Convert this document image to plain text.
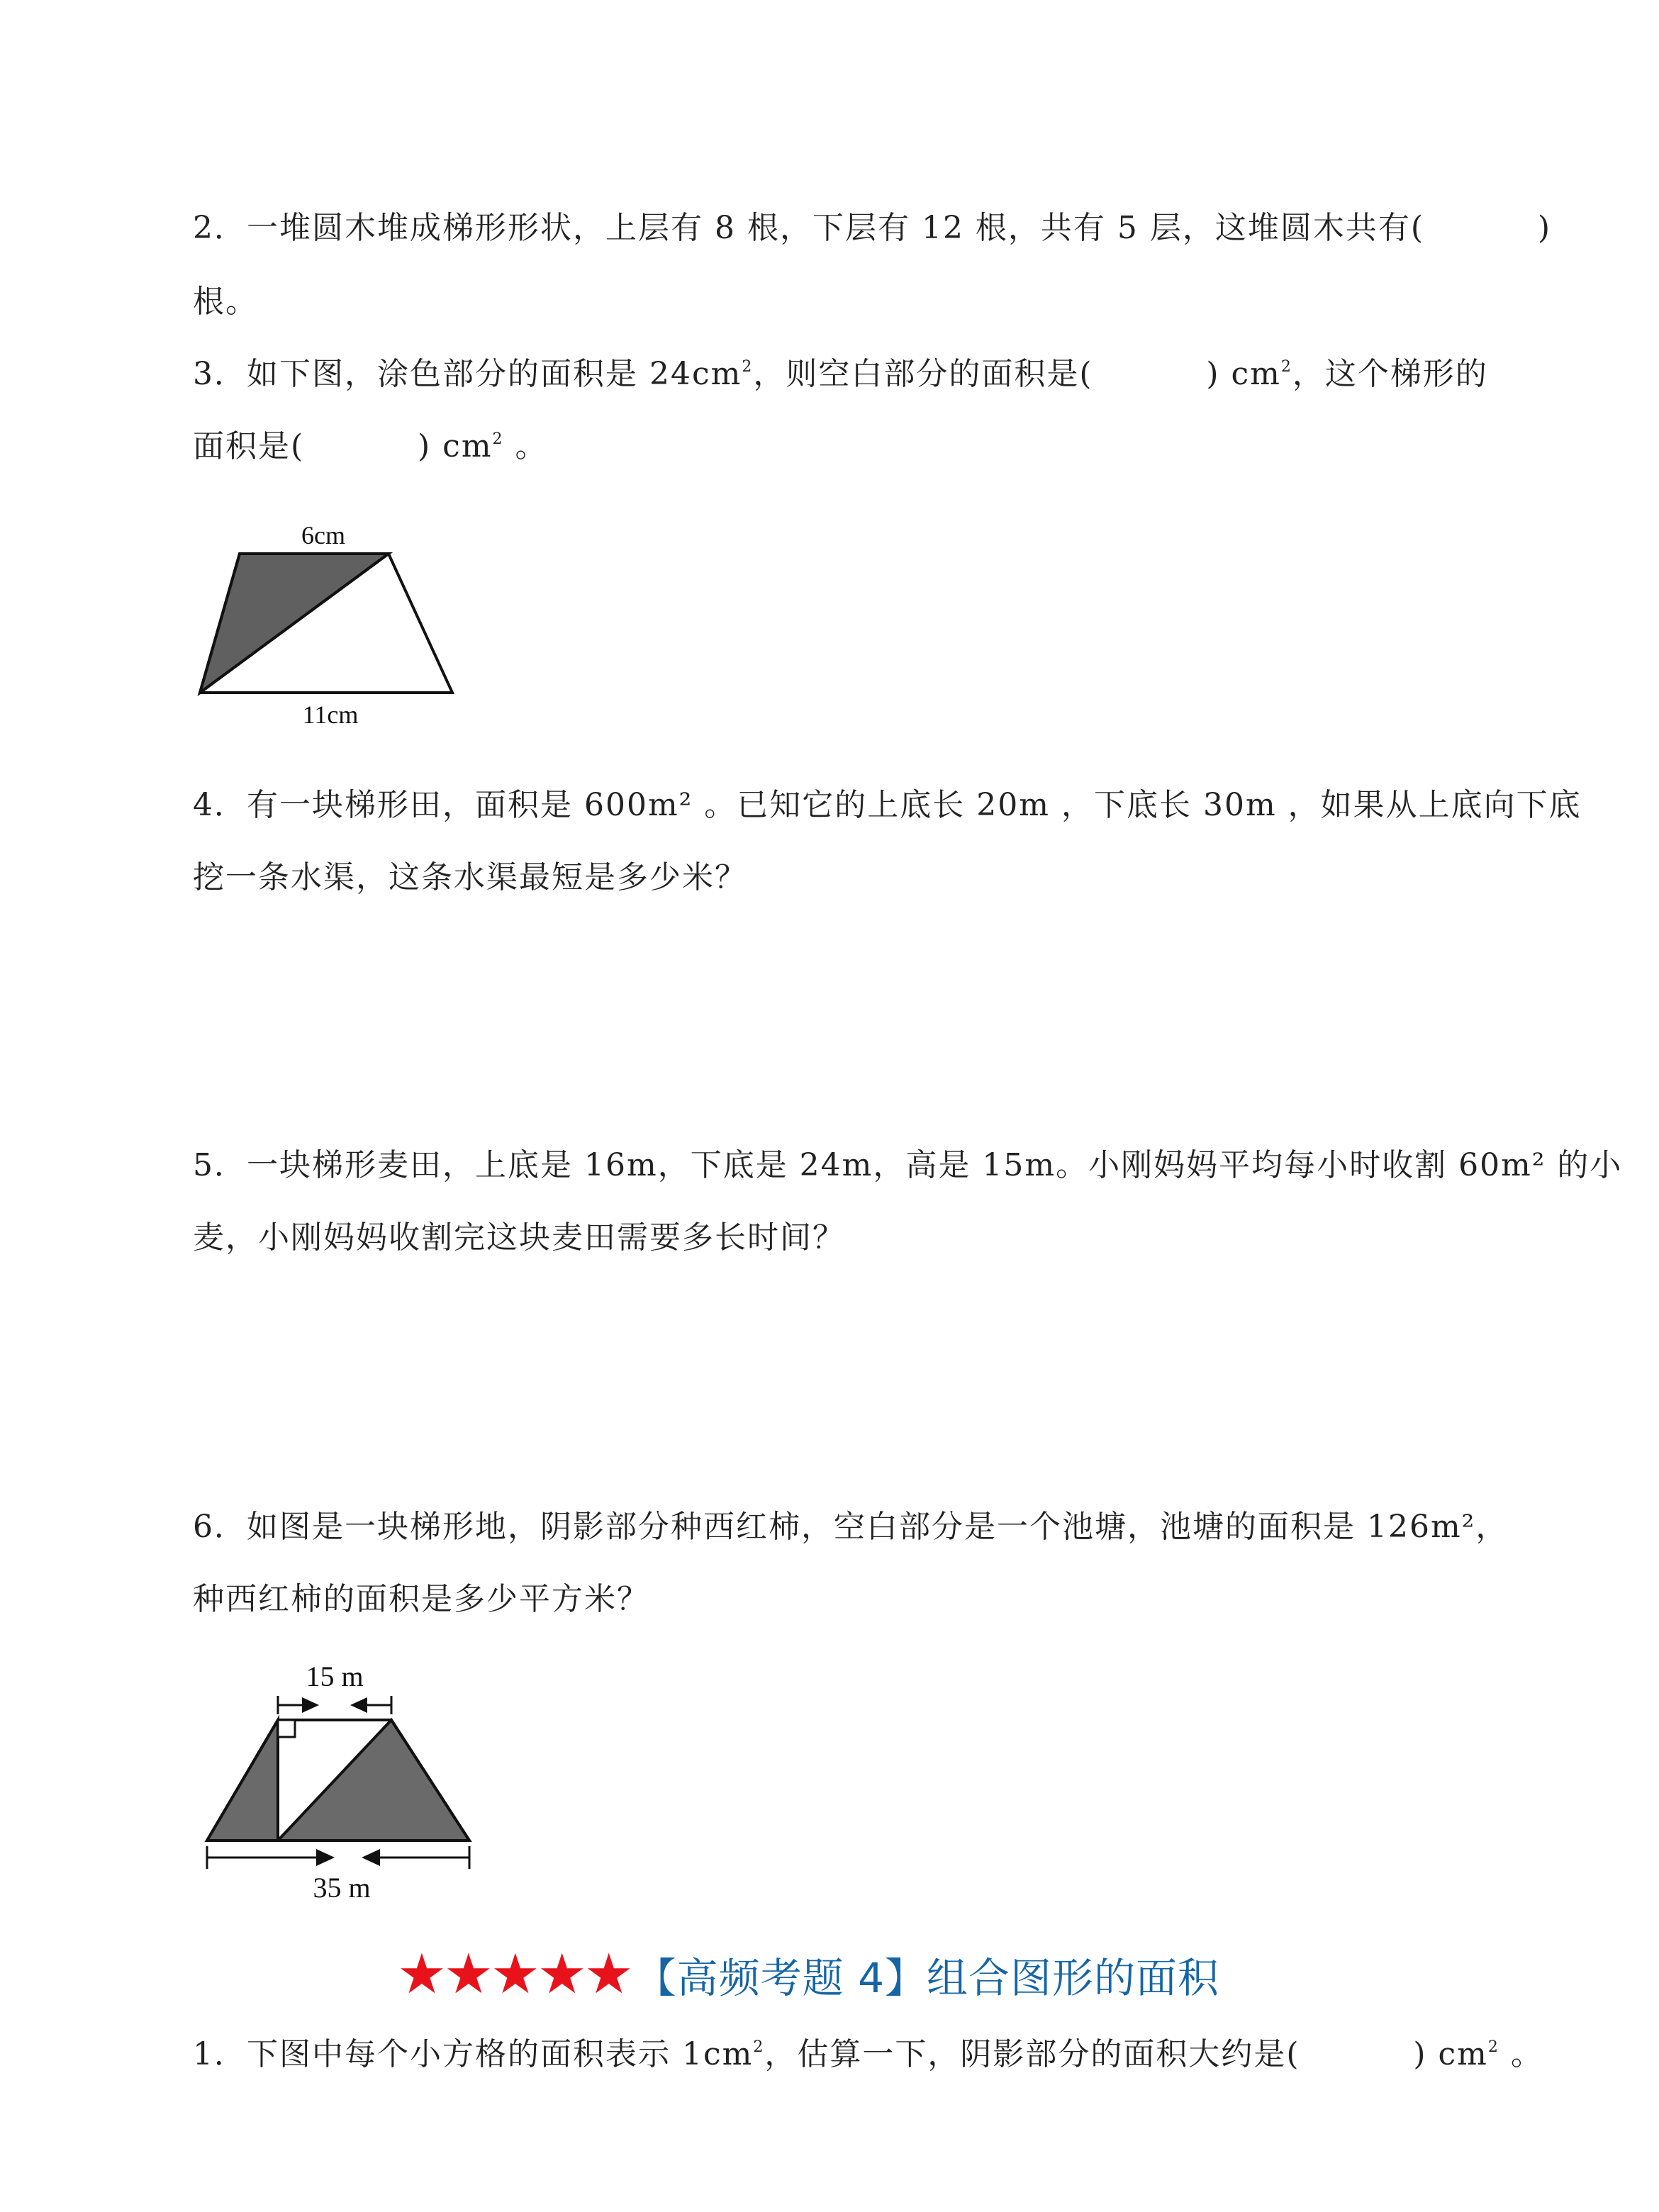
2．一堆圆木堆成梯形形状，上层有 8 根，下层有 12 根，共有 5 层，这堆圆木共有(          )
根。
3．如下图，涂色部分的面积是 $24cm^2$，则空白部分的面积是(          ) $cm^2$，这个梯形的
面积是(          ) $cm^2$ 。
6cm
11cm
4．有一块梯形田，面积是 600m² 。已知它的上底长 20m ，下底长 30m ，如果从上底向下底
挖一条水渠，这条水渠最短是多少米？
5．一块梯形麦田，上底是 16m，下底是 24m，高是 15m。小刚妈妈平均每小时收割 60m² 的小
麦，小刚妈妈收割完这块麦田需要多长时间？
6．如图是一块梯形地，阴影部分种西红柿，空白部分是一个池塘，池塘的面积是 126m²，
种西红柿的面积是多少平方米？
15 m
35 m
★★★★★ 【高频考题 4】组合图形的面积
1．下图中每个小方格的面积表示 $1cm^2$，估算一下，阴影部分的面积大约是(          ) $cm^2$ 。
